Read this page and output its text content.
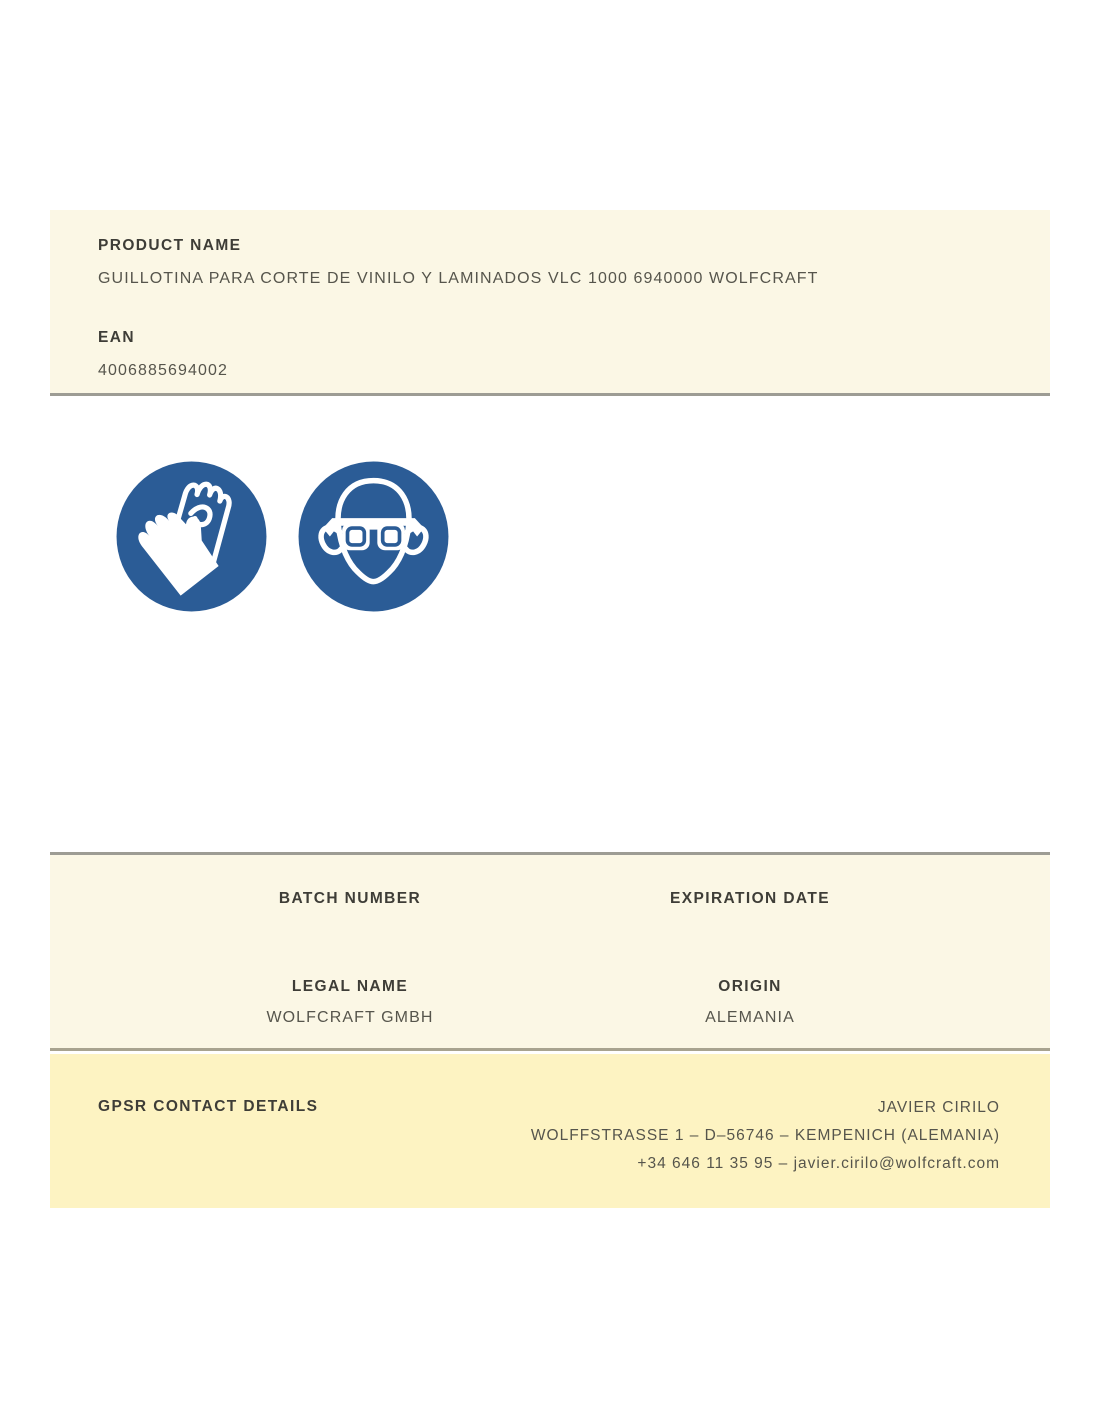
PRODUCT NAME
GUILLOTINA PARA CORTE DE VINILO Y LAMINADOS VLC 1000 6940000 WOLFCRAFT
EAN
4006885694002
BATCH NUMBER	EXPIRATION DATE
LEGAL NAME	ORIGIN
WOLFCRAFT GMBH	ALEMANIA
GPSR CONTACT DETAILS	JAVIER CIRILO
WOLFFSTRASSE 1 – D–56746 – KEMPENICH (ALEMANIA)
+34 646 11 35 95 – javier.cirilo@wolfcraft.com
